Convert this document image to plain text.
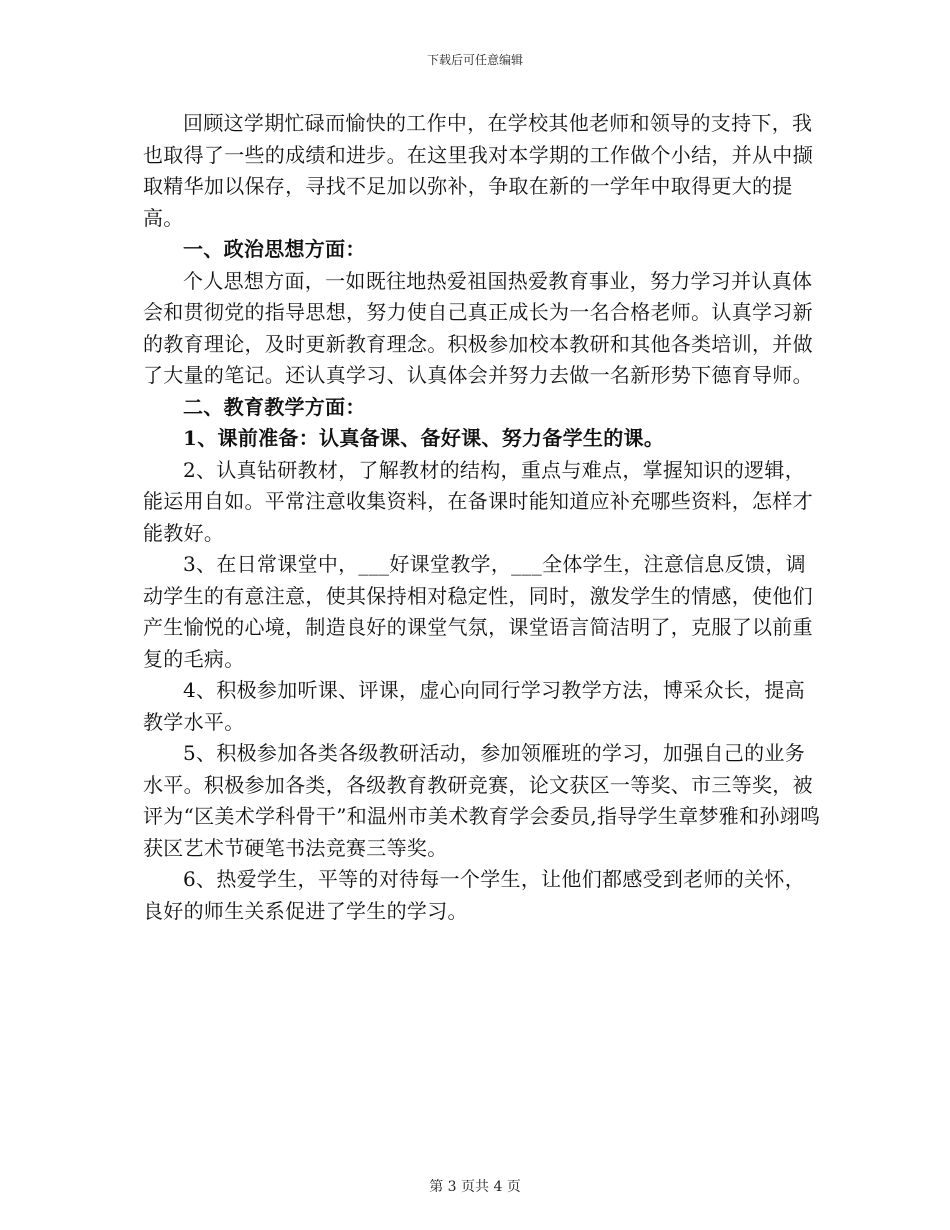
下载后可任意编辑

回顾这学期忙碌而愉快的工作中，在学校其他老师和领导的支持下，我也取得了一些的成绩和进步。在这里我对本学期的工作做个小结，并从中撷取精华加以保存，寻找不足加以弥补，争取在新的一学年中取得更大的提高。

一、政治思想方面：

个人思想方面，一如既往地热爱祖国热爱教育事业，努力学习并认真体会和贯彻党的指导思想，努力使自己真正成长为一名合格老师。认真学习新的教育理论，及时更新教育理念。积极参加校本教研和其他各类培训，并做了大量的笔记。还认真学习、认真体会并努力去做一名新形势下德育导师。

二、教育教学方面：

1、课前准备：认真备课、备好课、努力备学生的课。

2、认真钻研教材，了解教材的结构，重点与难点，掌握知识的逻辑，能运用自如。平常注意收集资料，在备课时能知道应补充哪些资料，怎样才能教好。

3、在日常课堂中，___好课堂教学，___全体学生，注意信息反馈，调动学生的有意注意，使其保持相对稳定性，同时，激发学生的情感，使他们产生愉悦的心境，制造良好的课堂气氛，课堂语言简洁明了，克服了以前重复的毛病。

4、积极参加听课、评课，虚心向同行学习教学方法，博采众长，提高教学水平。

5、积极参加各类各级教研活动，参加领雁班的学习，加强自己的业务水平。积极参加各类，各级教育教研竞赛，论文获区一等奖、市三等奖，被评为“区美术学科骨干”和温州市美术教育学会委员,指导学生章梦雅和孙翊鸣获区艺术节硬笔书法竞赛三等奖。

6、热爱学生，平等的对待每一个学生，让他们都感受到老师的关怀，良好的师生关系促进了学生的学习。

第 3 页共 4 页
